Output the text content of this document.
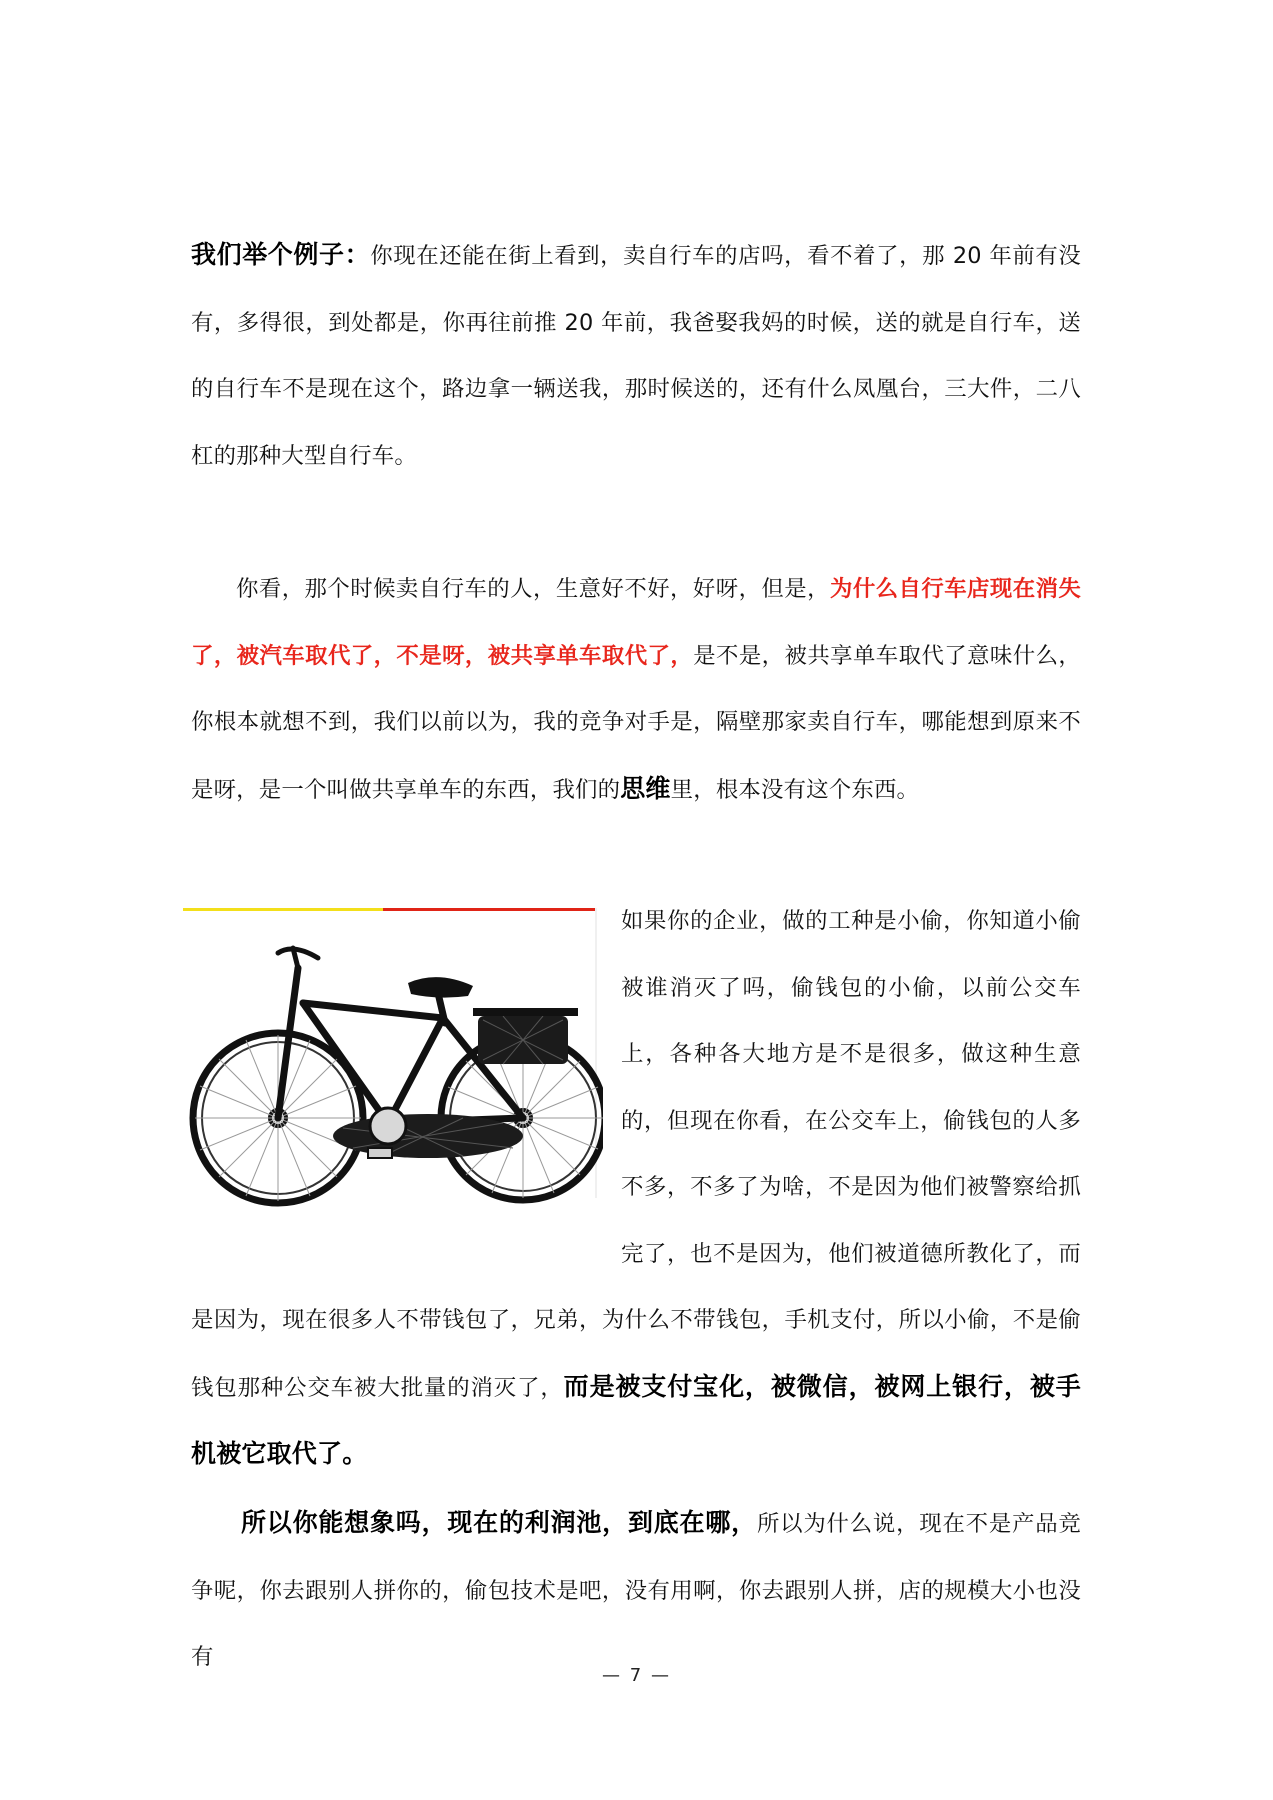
我们举个例子：你现在还能在街上看到，卖自行车的店吗，看不着了，那 20 年前有没有，多得很，到处都是，你再往前推 20 年前，我爸娶我妈的时候，送的就是自行车，送的自行车不是现在这个，路边拿一辆送我，那时候送的，还有什么凤凰台，三大件，二八杠的那种大型自行车。
你看，那个时候卖自行车的人，生意好不好，好呀，但是，为什么自行车店现在消失了，被汽车取代了，不是呀，被共享单车取代了，是不是，被共享单车取代了意味什么，你根本就想不到，我们以前以为，我的竞争对手是，隔壁那家卖自行车，哪能想到原来不是呀，是一个叫做共享单车的东西，我们的思维里，根本没有这个东西。
如果你的企业，做的工种是小偷，你知道小偷被谁消灭了吗，偷钱包的小偷，以前公交车上，各种各大地方是不是很多，做这种生意的，但现在你看，在公交车上，偷钱包的人多不多，不多了为啥，不是因为他们被警察给抓完了，也不是因为，他们被道德所教化了，而是因为，现在很多人不带钱包了，兄弟，为什么不带钱包，手机支付，所以小偷，不是偷钱包那种公交车被大批量的消灭了，而是被支付宝化，被微信，被网上银行，被手机被它取代了。
所以你能想象吗，现在的利润池，到底在哪，所以为什么说，现在不是产品竞争呢，你去跟别人拼你的，偷包技术是吧，没有用啊，你去跟别人拼，店的规模大小也没有
— 7 —
